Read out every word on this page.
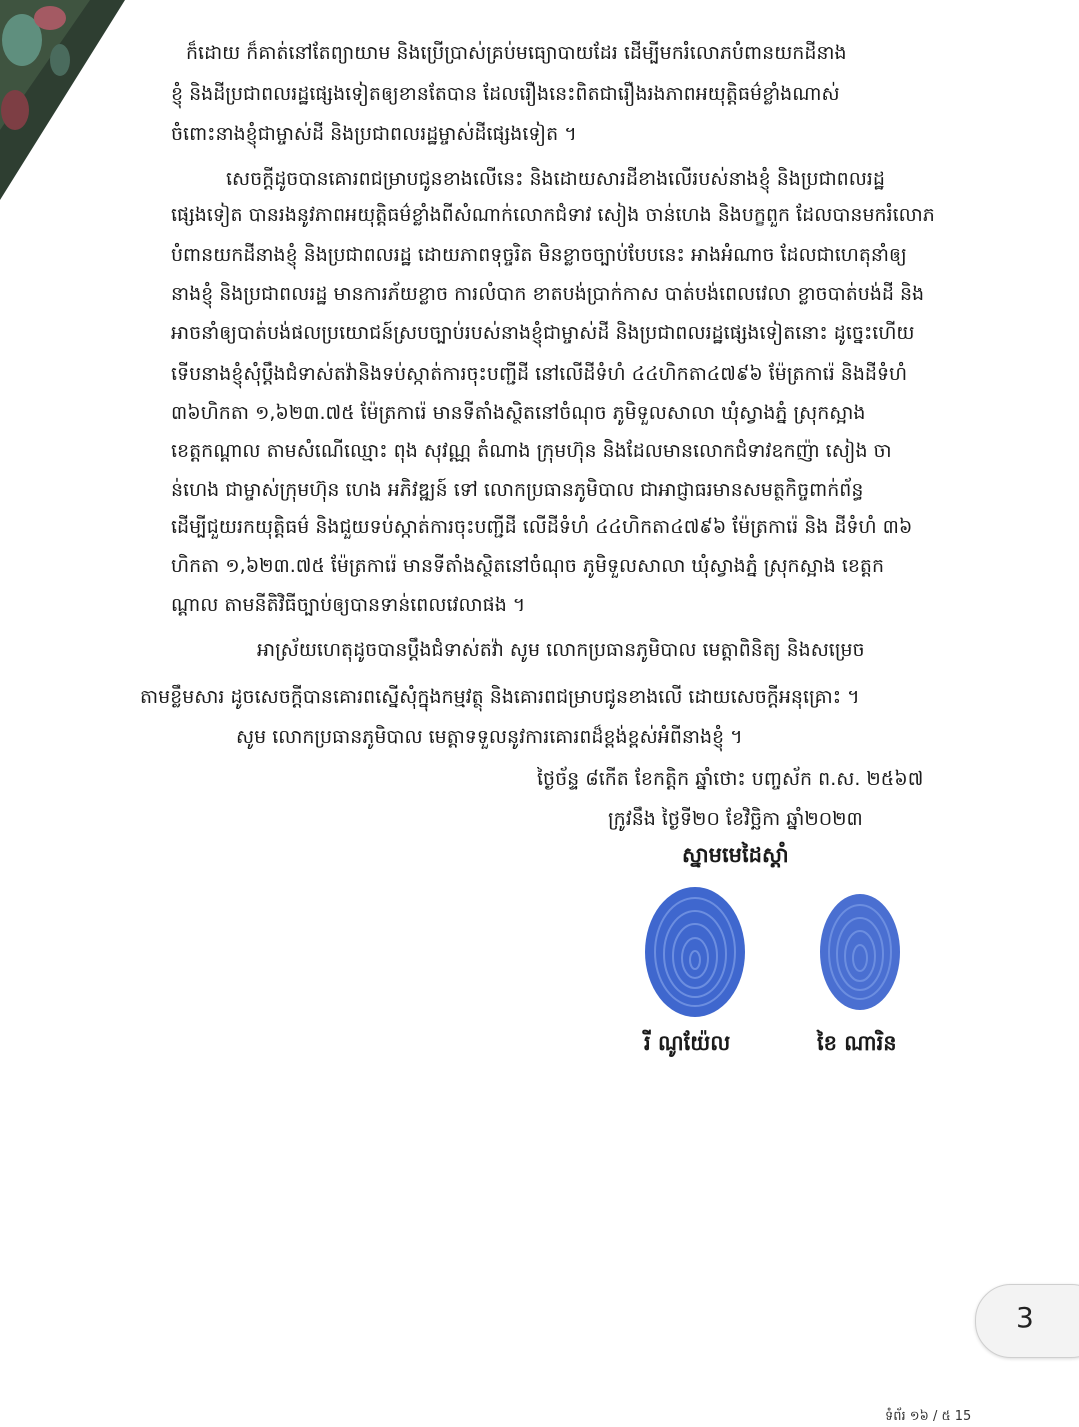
ក៏ដោយ ក៏គាត់នៅតែព្យាយាម និងប្រើប្រាស់គ្រប់មធ្យោបាយដែរ ដើម្បីមករំលោភបំពានយកដីនាង
ខ្ញុំ និងដីប្រជាពលរដ្ឋផ្សេងទៀតឲ្យខានតែបាន ដែលរឿងនេះពិតជារឿងរងភាពអយុត្តិធម៌ខ្លាំងណាស់
ចំពោះនាងខ្ញុំជាម្ចាស់ដី និងប្រជាពលរដ្ឋម្ចាស់ដីផ្សេងទៀត ។
សេចក្តីដូចបានគោរពជម្រាបជូនខាងលើនេះ និងដោយសារដីខាងលើរបស់នាងខ្ញុំ និងប្រជាពលរដ្ឋ
ផ្សេងទៀត បានរងនូវភាពអយុត្តិធម៌ខ្លាំងពីសំណាក់លោកជំទាវ សៀង ចាន់ហេង និងបក្ខពួក ដែលបានមករំលោភ
បំពានយកដីនាងខ្ញុំ និងប្រជាពលរដ្ឋ ដោយភាពទុច្ចរិត មិនខ្លាចច្បាប់បែបនេះ អាងអំណាច ដែលជាហេតុនាំឲ្យ
នាងខ្ញុំ និងប្រជាពលរដ្ឋ មានការភ័យខ្លាច ការលំបាក ខាតបង់ប្រាក់កាស បាត់បង់ពេលវេលា ខ្លាចបាត់បង់ដី និង
អាចនាំឲ្យបាត់បង់ផលប្រយោជន៍ស្របច្បាប់របស់នាងខ្ញុំជាម្ចាស់ដី និងប្រជាពលរដ្ឋផ្សេងទៀតនោះ ដូច្នេះហើយ
ទើបនាងខ្ញុំសុំប្តឹងជំទាស់តវ៉ានិងទប់ស្កាត់ការចុះបញ្ជីដី នៅលើដីទំហំ ៤៤ហិកតា៤៧៩៦ ម៉ែត្រការ៉េ និងដីទំហំ
៣៦ហិកតា ១,៦២៣.៧៥ ម៉ែត្រការ៉េ មានទីតាំងស្ថិតនៅចំណុច ភូមិទួលសាលា ឃុំស្វាងភ្នំ ស្រុកស្អាង
ខេត្តកណ្តាល តាមសំណើឈ្មោះ ពុង សុវណ្ណ តំណាង ក្រុមហ៊ុន និងដែលមានលោកជំទាវឧកញ៉ា សៀង ចា
ន់ហេង ជាម្ចាស់ក្រុមហ៊ុន ហេង អភិវឌ្ឍន៍ ទៅ លោកប្រធានភូមិបាល ជាអាជ្ញាធរមានសមត្ថកិច្ចពាក់ព័ន្ធ
ដើម្បីជួយរកយុត្តិធម៌ និងជួយទប់ស្កាត់ការចុះបញ្ជីដី លើដីទំហំ ៤៤ហិកតា៤៧៩៦ ម៉ែត្រការ៉េ និង ដីទំហំ ៣៦
ហិកតា ១,៦២៣.៧៥ ម៉ែត្រការ៉េ មានទីតាំងស្ថិតនៅចំណុច ភូមិទួលសាលា ឃុំស្វាងភ្នំ ស្រុកស្អាង ខេត្តក
ណ្តាល តាមនីតិវិធីច្បាប់ឲ្យបានទាន់ពេលវេលាផង ។
អាស្រ័យហេតុដូចបានប្តឹងជំទាស់តវ៉ា សូម លោកប្រធានភូមិបាល មេត្តាពិនិត្យ និងសម្រេច
តាមខ្លឹមសារ ដូចសេចក្តីបានគោរពស្នើសុំក្នុងកម្មវត្ថុ និងគោរពជម្រាបជូនខាងលើ ដោយសេចក្តីអនុគ្រោះ ។
សូម លោកប្រធានភូមិបាល មេត្តាទទួលនូវការគោរពដ៏ខ្ពង់ខ្ពស់អំពីនាងខ្ញុំ ។
ថ្ងៃច័ន្ទ ៨កើត ខែកត្តិក ឆ្នាំថោះ បញ្ចស័ក ព.ស. ២៥៦៧
ក្រូវនឹង ថ្ងៃទី២០ ខែវិច្ឆិកា ឆ្នាំ២០២៣
ស្នាមមេដៃស្តាំ
រី ណូយ៉ែល	ខៃ ណារិន
3
ទំព័រ ១៦ / ៥ 15
